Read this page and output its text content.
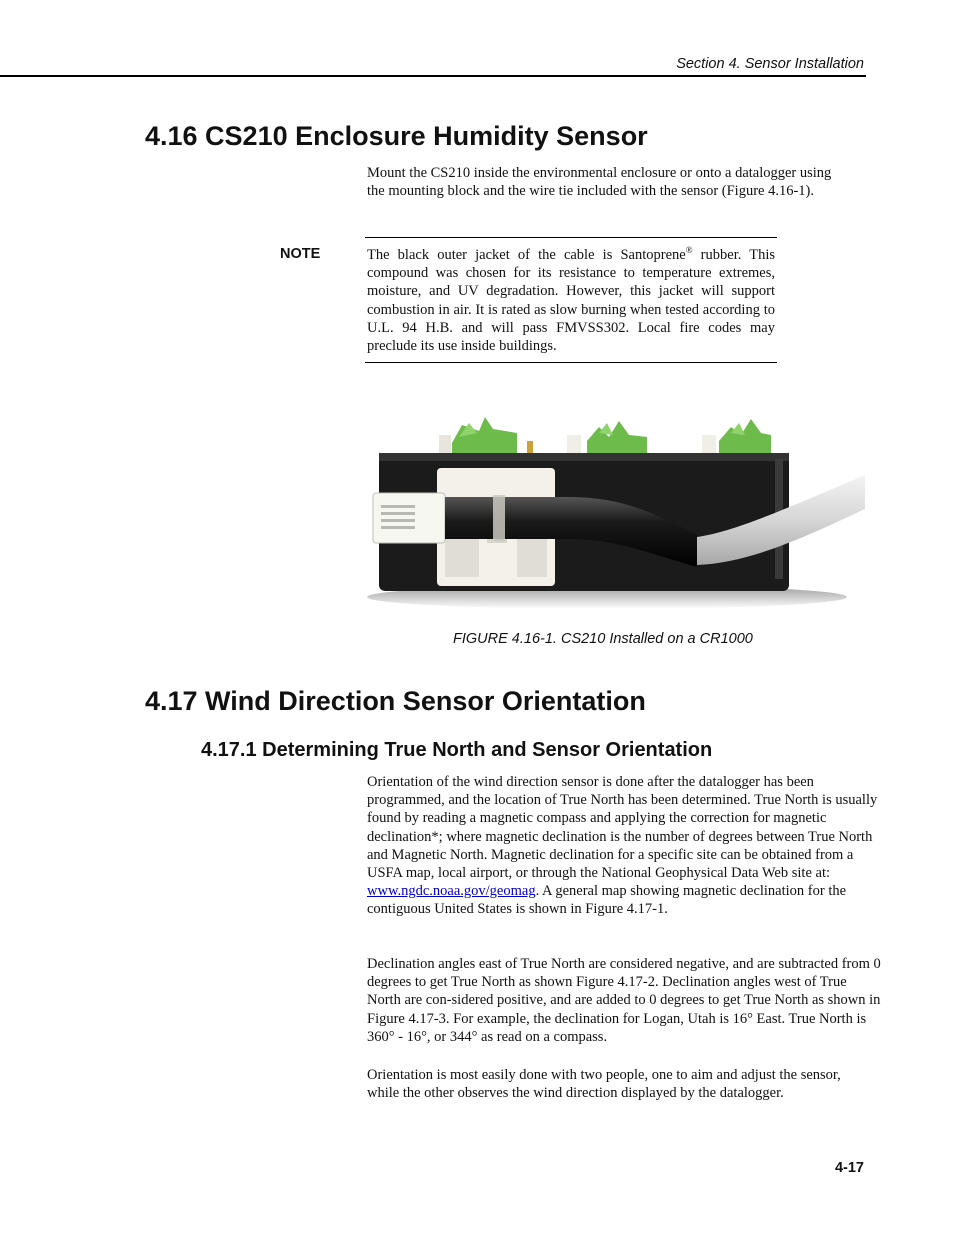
Section 4. Sensor Installation
4.16 CS210 Enclosure Humidity Sensor
Mount the CS210 inside the environmental enclosure or onto a datalogger using the mounting block and the wire tie included with the sensor (Figure 4.16-1).
NOTE	The black outer jacket of the cable is Santoprene® rubber. This compound was chosen for its resistance to temperature extremes, moisture, and UV degradation. However, this jacket will support combustion in air. It is rated as slow burning when tested according to U.L. 94 H.B. and will pass FMVSS302. Local fire codes may preclude its use inside buildings.
FIGURE 4.16-1. CS210 Installed on a CR1000
4.17 Wind Direction Sensor Orientation
4.17.1 Determining True North and Sensor Orientation
Orientation of the wind direction sensor is done after the datalogger has been programmed, and the location of True North has been determined. True North is usually found by reading a magnetic compass and applying the correction for magnetic declination*; where magnetic declination is the number of degrees between True North and Magnetic North. Magnetic declination for a specific site can be obtained from a USFA map, local airport, or through the National Geophysical Data Web site at: www.ngdc.noaa.gov/geomag. A general map showing magnetic declination for the contiguous United States is shown in Figure 4.17-1.
Declination angles east of True North are considered negative, and are subtracted from 0 degrees to get True North as shown Figure 4.17-2. Declination angles west of True North are con-sidered positive, and are added to 0 degrees to get True North as shown in Figure 4.17-3. For example, the declination for Logan, Utah is 16° East. True North is 360° - 16°, or 344° as read on a compass.
Orientation is most easily done with two people, one to aim and adjust the sensor, while the other observes the wind direction displayed by the datalogger.
4-17
